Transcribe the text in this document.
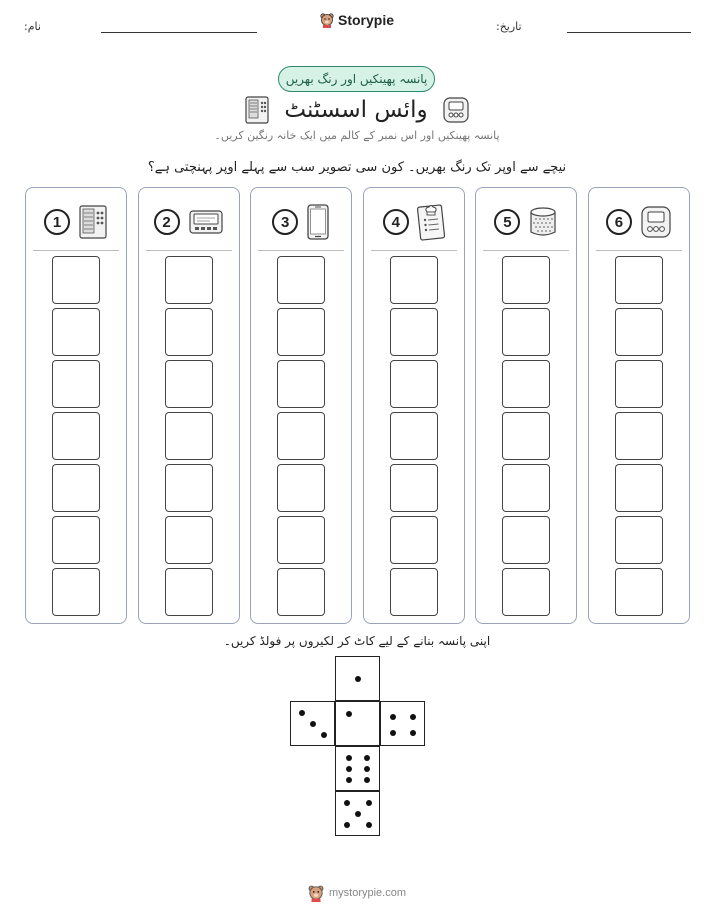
تاریخ:
نام:	Storypie
پانسہ پھینکیں اور رنگ بھریں
وائس اسسٹنٹ
پانسہ پھینکیں اور اس نمبر کے کالم میں ایک خانہ رنگین کریں۔
نیچے سے اوپر تک رنگ بھریں۔ کون سی تصویر سب سے پہلے اوپر پہنچتی ہے؟
1	2	3	4	5	6
اپنی پانسہ بنانے کے لیے کاٹ کر لکیروں پر فولڈ کریں۔
mystorypie.com
